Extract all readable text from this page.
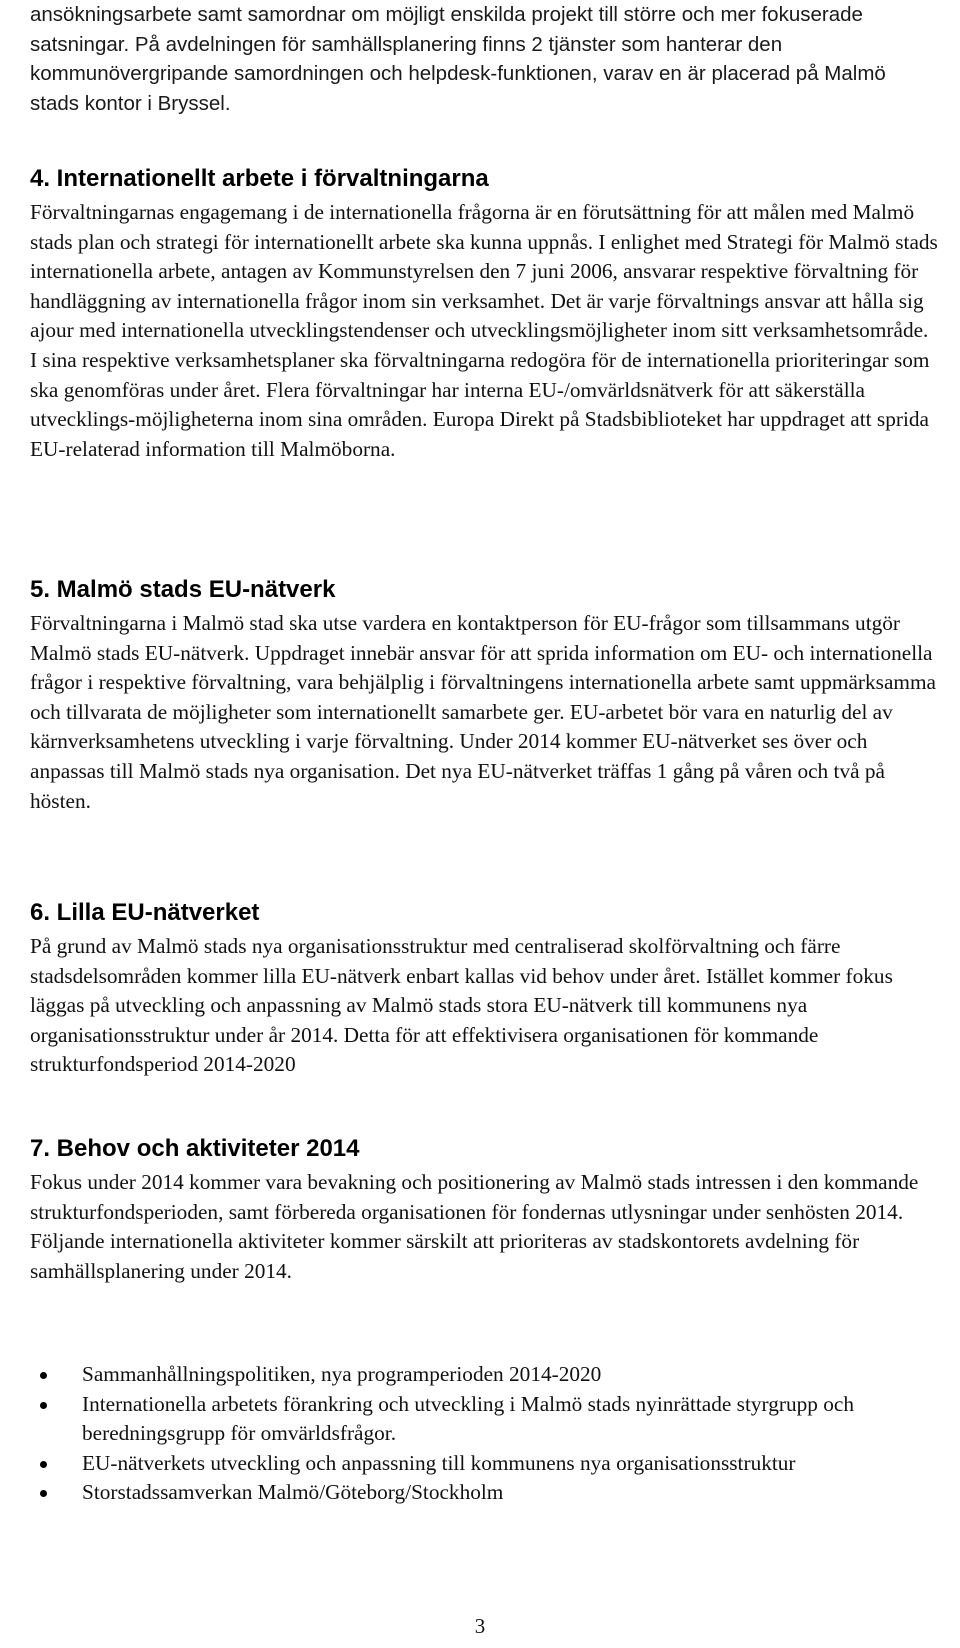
ansökningsarbete samt samordnar om möjligt enskilda projekt till större och mer fokuserade satsningar. På avdelningen för samhällsplanering finns 2 tjänster som hanterar den kommunövergripande samordningen och helpdesk-funktionen, varav en är placerad på Malmö stads kontor i Bryssel.

4. Internationellt arbete i förvaltningarna

Förvaltningarnas engagemang i de internationella frågorna är en förutsättning för att målen med Malmö stads plan och strategi för internationellt arbete ska kunna uppnås. I enlighet med Strategi för Malmö stads internationella arbete, antagen av Kommunstyrelsen den 7 juni 2006, ansvarar respektive förvaltning för handläggning av internationella frågor inom sin verksamhet. Det är varje förvaltnings ansvar att hålla sig ajour med internationella utvecklingstendenser och utvecklingsmöjligheter inom sitt verksamhetsområde. I sina respektive verksamhetsplaner ska förvaltningarna redogöra för de internationella prioriteringar som ska genomföras under året. Flera förvaltningar har interna EU-/omvärldsnätverk för att säkerställa utvecklings-möjligheterna inom sina områden. Europa Direkt på Stadsbiblioteket har uppdraget att sprida EU-relaterad information till Malmöborna.

5. Malmö stads EU-nätverk

Förvaltningarna i Malmö stad ska utse vardera en kontaktperson för EU-frågor som tillsammans utgör Malmö stads EU-nätverk. Uppdraget innebär ansvar för att sprida information om EU- och internationella frågor i respektive förvaltning, vara behjälplig i förvaltningens internationella arbete samt uppmärksamma och tillvarata de möjligheter som internationellt samarbete ger. EU-arbetet bör vara en naturlig del av kärnverksamhetens utveckling i varje förvaltning. Under 2014 kommer EU-nätverket ses över och anpassas till Malmö stads nya organisation. Det nya EU-nätverket träffas 1 gång på våren och två på hösten.

6. Lilla EU-nätverket

På grund av Malmö stads nya organisationsstruktur med centraliserad skolförvaltning och färre stadsdelsområden kommer lilla EU-nätverk enbart kallas vid behov under året. Istället kommer fokus läggas på utveckling och anpassning av Malmö stads stora EU-nätverk till kommunens nya organisationsstruktur under år 2014. Detta för att effektivisera organisationen för kommande strukturfondsperiod 2014-2020

7. Behov och aktiviteter 2014

Fokus under 2014 kommer vara bevakning och positionering av Malmö stads intressen i den kommande strukturfondsperioden, samt förbereda organisationen för fondernas utlysningar under senhösten 2014. Följande internationella aktiviteter kommer särskilt att prioriteras av stadskontorets avdelning för samhällsplanering under 2014.

Sammanhållningspolitiken, nya programperioden 2014-2020
Internationella arbetets förankring och utveckling i Malmö stads nyinrättade styrgrupp och beredningsgrupp för omvärldsfrågor.
EU-nätverkets utveckling och anpassning till kommunens nya organisationsstruktur
Storstadssamverkan Malmö/Göteborg/Stockholm
3
